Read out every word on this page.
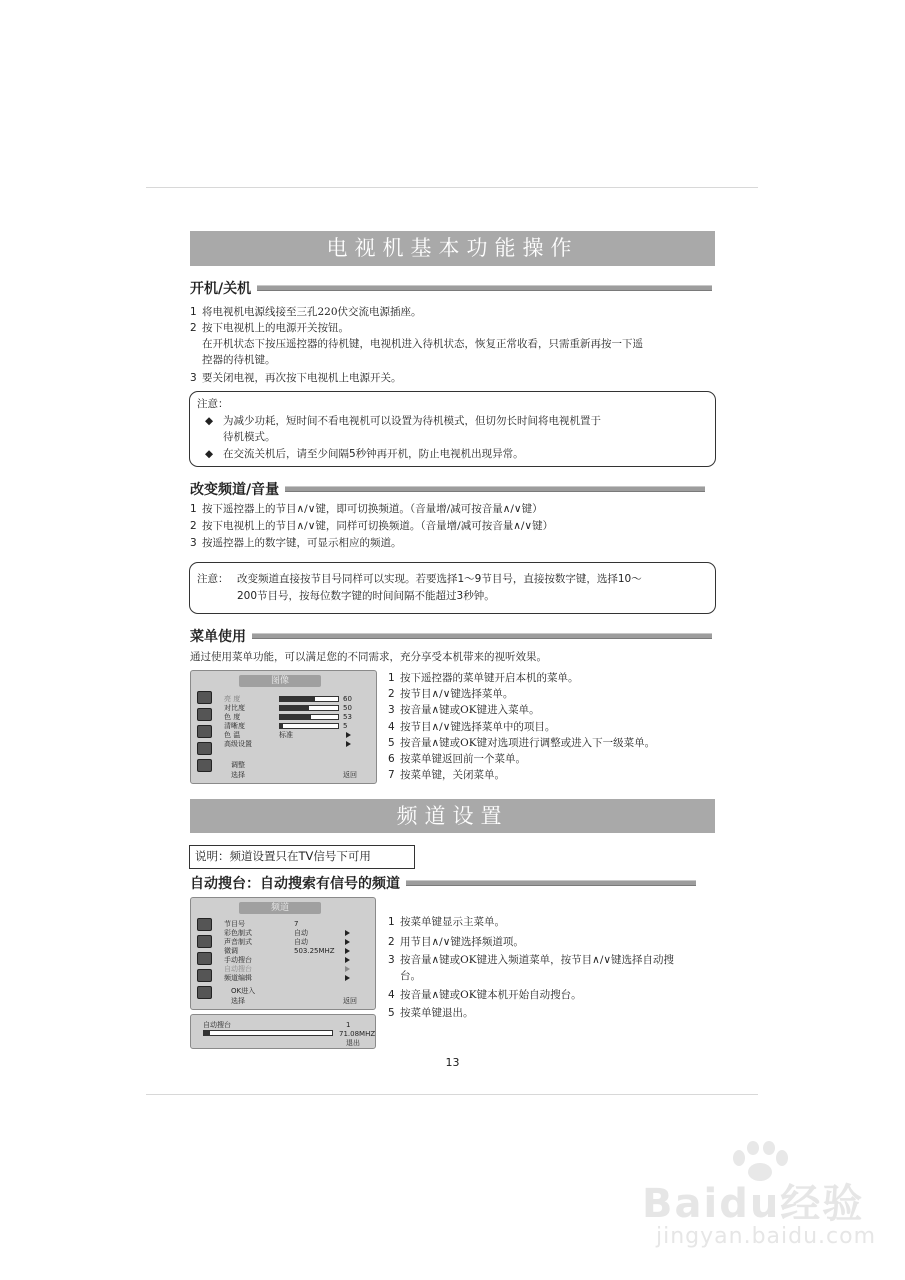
电视机基本功能操作
开机/关机
1 将电视机电源线接至三孔220伏交流电源插座。
2 按下电视机上的电源开关按钮。
在开机状态下按压遥控器的待机键，电视机进入待机状态，恢复正常收看，只需重新再按一下遥
控器的待机键。
3 要关闭电视，再次按下电视机上电源开关。
注意：
◆ 为减少功耗，短时间不看电视机可以设置为待机模式，但切勿长时间将电视机置于
待机模式。
◆ 在交流关机后，请至少间隔5秒钟再开机，防止电视机出现异常。
改变频道/音量
1 按下遥控器上的节目∧/∨键，即可切换频道。（音量增/减可按音量∧/∨键）
2 按下电视机上的节目∧/∨键，同样可切换频道。（音量增/减可按音量∧/∨键）
3 按遥控器上的数字键，可显示相应的频道。
注意： 改变频道直接按节目号同样可以实现。若要选择1～9节目号，直接按数字键，选择10～
200节目号，按每位数字键的时间间隔不能超过3秒钟。
菜单使用
通过使用菜单功能，可以满足您的不同需求，充分享受本机带来的视听效果。
图像
亮 度	60
对比度	50
色 度	53
清晰度	5
色 温	标准
高级设置
调整
选择	返回
1 按下遥控器的菜单键开启本机的菜单。
2 按节目∧/∨键选择菜单。
3 按音量∧键或OK键进入菜单。
4 按节目∧/∨键选择菜单中的项目。
5 按音量∧键或OK键对选项进行调整或进入下一级菜单。
6 按菜单键返回前一个菜单。
7 按菜单键，关闭菜单。
频道设置
说明：频道设置只在TV信号下可用
自动搜台：自动搜索有信号的频道
频道
节目号	7
彩色制式	自动
声音制式	自动
微调	503.25MHZ
手动搜台
自动搜台
频道编辑
OK进入
选择	返回
自动搜台	1
71.08MHZ
退出
1 按菜单键显示主菜单。
2 用节目∧/∨键选择频道项。
3 按音量∧键或OK键进入频道菜单，按节目∧/∨键选择自动搜
台。
4 按音量∧键或OK键本机开始自动搜台。
5 按菜单键退出。
13
Baidu经验
jingyan.baidu.com
